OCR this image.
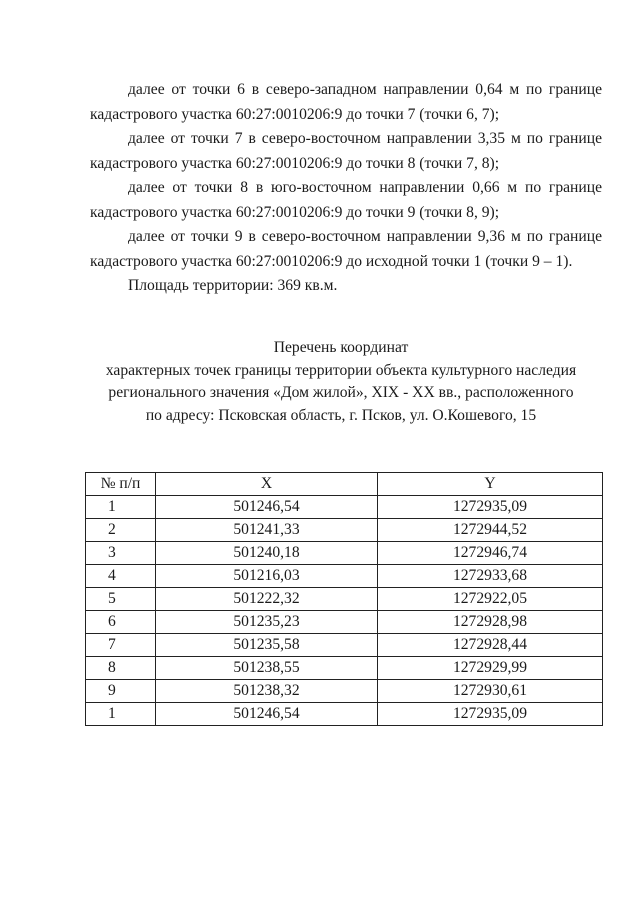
далее от точки 6 в северо-западном направлении 0,64 м по границе кадастрового участка 60:27:0010206:9 до точки 7 (точки 6, 7);

далее от точки 7 в северо-восточном направлении 3,35 м по границе кадастрового участка 60:27:0010206:9 до точки 8 (точки 7, 8);

далее от точки 8 в юго-восточном направлении 0,66 м по границе кадастрового участка 60:27:0010206:9 до точки 9 (точки 8, 9);

далее от точки 9 в северо-восточном направлении 9,36 м по границе кадастрового участка 60:27:0010206:9 до исходной точки 1 (точки 9 – 1).

Площадь территории: 369 кв.м.

Перечень координат
характерных точек границы территории объекта культурного наследия
регионального значения «Дом жилой», XIX - XX вв., расположенного
по адресу: Псковская область, г. Псков, ул. О.Кошевого, 15
№ п/п	X	Y
1	501246,54	1272935,09
2	501241,33	1272944,52
3	501240,18	1272946,74
4	501216,03	1272933,68
5	501222,32	1272922,05
6	501235,23	1272928,98
7	501235,58	1272928,44
8	501238,55	1272929,99
9	501238,32	1272930,61
1	501246,54	1272935,09
